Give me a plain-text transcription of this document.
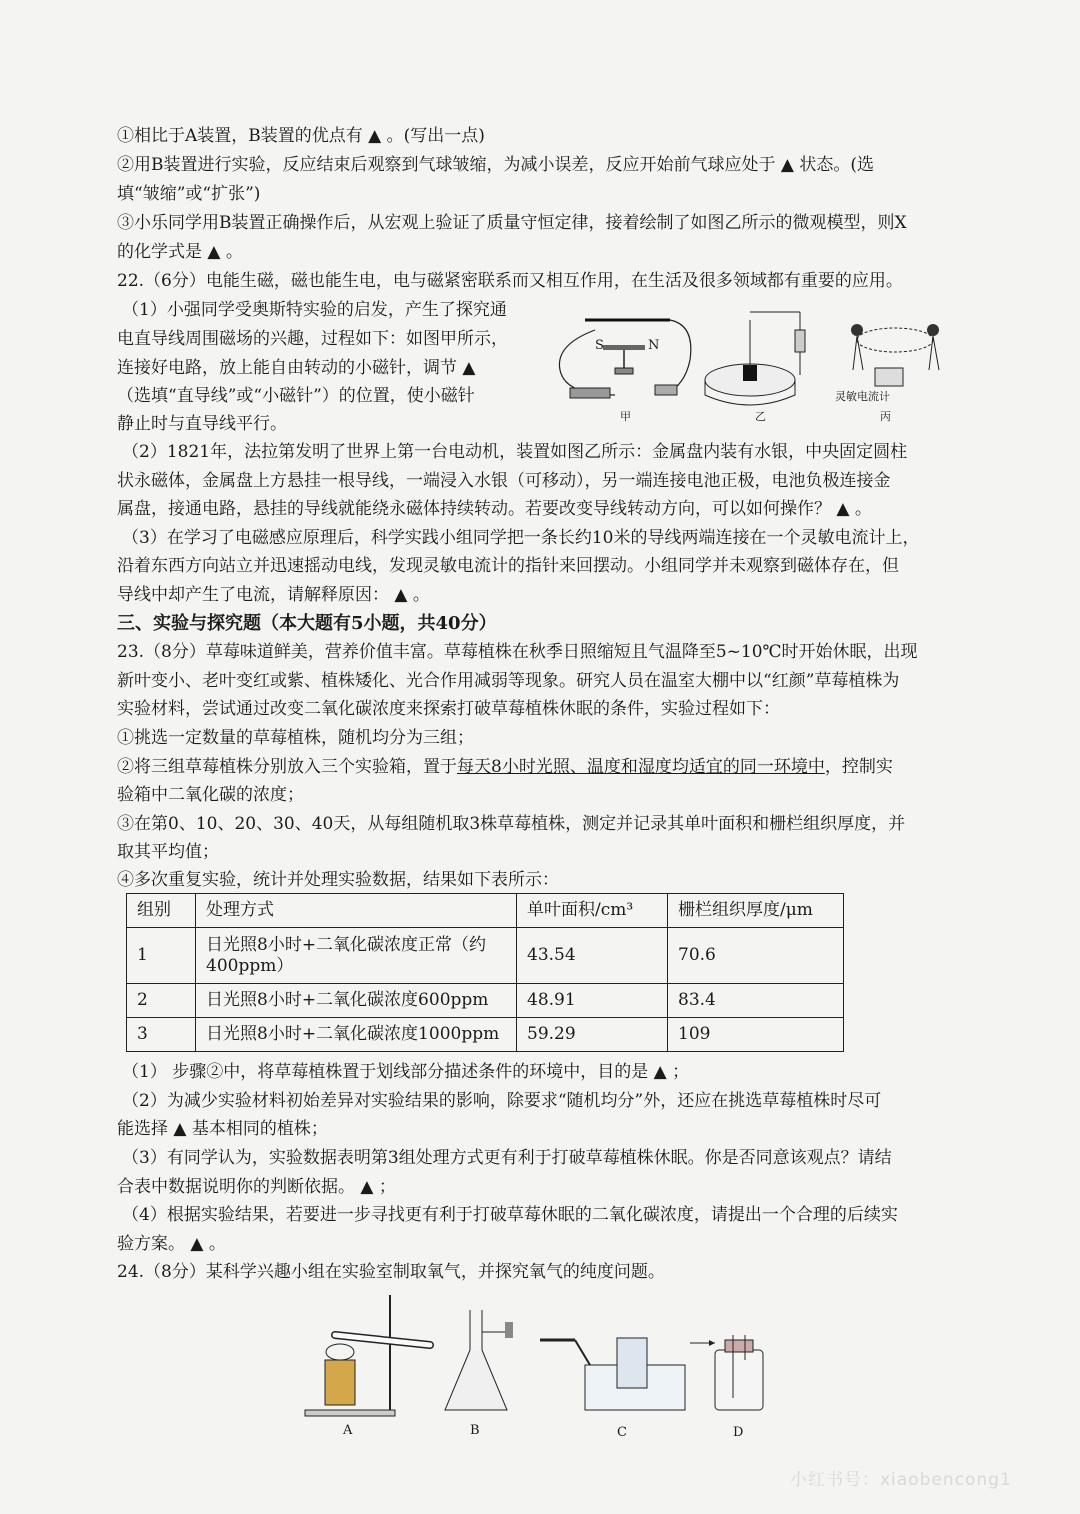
①相比于A装置，B装置的优点有 ▲ 。(写出一点)
②用B装置进行实验，反应结束后观察到气球皱缩，为减小误差，反应开始前气球应处于 ▲ 状态。(选
填“皱缩”或“扩张”)
③小乐同学用B装置正确操作后，从宏观上验证了质量守恒定律，接着绘制了如图乙所示的微观模型，则X
的化学式是 ▲ 。
22.（6分）电能生磁，磁也能生电，电与磁紧密联系而又相互作用，在生活及很多领域都有重要的应用。
（1）小强同学受奥斯特实验的启发，产生了探究通
电直导线周围磁场的兴趣，过程如下：如图甲所示，
连接好电路，放上能自由转动的小磁针，调节 ▲
（选填“直导线”或“小磁针”）的位置，使小磁针
静止时与直导线平行。
S	N
甲	乙
灵敏电流计
丙
（2）1821年，法拉第发明了世界上第一台电动机，装置如图乙所示：金属盘内装有水银，中央固定圆柱
状永磁体，金属盘上方悬挂一根导线，一端浸入水银（可移动），另一端连接电池正极，电池负极连接金
属盘，接通电路，悬挂的导线就能绕永磁体持续转动。若要改变导线转动方向，可以如何操作？ ▲ 。
（3）在学习了电磁感应原理后，科学实践小组同学把一条长约10米的导线两端连接在一个灵敏电流计上，
沿着东西方向站立并迅速摇动电线，发现灵敏电流计的指针来回摆动。小组同学并未观察到磁体存在，但
导线中却产生了电流，请解释原因： ▲ 。
三、实验与探究题（本大题有5小题，共40分）
23.（8分）草莓味道鲜美，营养价值丰富。草莓植株在秋季日照缩短且气温降至5~10℃时开始休眠，出现
新叶变小、老叶变红或紫、植株矮化、光合作用减弱等现象。研究人员在温室大棚中以“红颜”草莓植株为
实验材料，尝试通过改变二氧化碳浓度来探索打破草莓植株休眠的条件，实验过程如下：
①挑选一定数量的草莓植株，随机均分为三组；
②将三组草莓植株分别放入三个实验箱，置于每天8小时光照、温度和湿度均适宜的同一环境中，控制实
验箱中二氧化碳的浓度；
③在第0、10、20、30、40天，从每组随机取3株草莓植株，测定并记录其单叶面积和栅栏组织厚度，并
取其平均值；
④多次重复实验，统计并处理实验数据，结果如下表所示：
组别	处理方式	单叶面积/cm³	栅栏组织厚度/μm
1	日光照8小时+二氧化碳浓度正常（约400ppm）	43.54	70.6
2	日光照8小时+二氧化碳浓度600ppm	48.91	83.4
3	日光照8小时+二氧化碳浓度1000ppm	59.29	109
（1） 步骤②中，将草莓植株置于划线部分描述条件的环境中，目的是 ▲ ；
（2）为减少实验材料初始差异对实验结果的影响，除要求“随机均分”外，还应在挑选草莓植株时尽可
能选择 ▲ 基本相同的植株；
（3）有同学认为，实验数据表明第3组处理方式更有利于打破草莓植株休眠。你是否同意该观点？请结
合表中数据说明你的判断依据。 ▲ ；
（4）根据实验结果，若要进一步寻找更有利于打破草莓休眠的二氧化碳浓度，请提出一个合理的后续实
验方案。 ▲ 。
24.（8分）某科学兴趣小组在实验室制取氧气，并探究氧气的纯度问题。
A	B	C	D
小红书号：xiaobencong1
